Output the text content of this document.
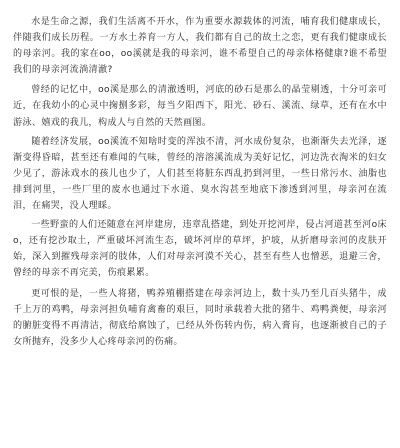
水是生命之源，我们生活离不开水，作为重要水源载体的河流，哺育我们健康成长，伴随我们成长历程。一方水土养育一方人，我们都有自己的故土之恋，更有我们健康成长的母亲河。我的家在oo，oo溪就是我的母亲河，谁不希望自己的母亲体格健康?谁不希望我们的母亲河流淌清澈?

曾经的记忆中，oo溪是那么的清澈透明，河底的砂石是那么的晶莹剔透，十分可亲可近，在我幼小的心灵中掬捌多彩，每当夕阳西下，阳光、砂石、溪流、绿草，还有在水中游泳、嬉戏的我儿，构成人与自然的天然画图。

随着经济发展，oo溪流不知啥时变的浑浊不清，河水成份复杂，也渐渐失去光泽，逐渐变得昏暗，甚至还有难闻的气味，曾经的溶溶溪流成为美好记忆，河边洗衣淘米的妇女少见了，游泳戏水的孩儿也少了，人们甚至将脏东西乱扔到河里，一些日常污水、油脂也排到河里，一些厂里的废水也通过下水道、臭水沟甚至地底下渗透到河里，母亲河在流泪，在痛哭，没人理睬。

一些野蛮的人们还随意在河岸建房，违章乱搭建，到处开挖河岸，侵占河道甚至河o床o，还有挖沙取土，严重破坏河流生态，破坏河岸的草坪，护坡，从折磨母亲河的皮肤开始，深入到摧残母亲河的肢体，人们对母亲河漠不关心，甚至有些人也憎恶，退避三舍，曾经的母亲不再完美，伤痕累累。

更可恨的是，一些人将猪，鸭养殖棚搭建在母亲河边上，数十头乃至几百头猪牛，成千上万的鸡鸭，母亲河担负哺育禽畜的艰巨，同时承载着大批的猪牛、鸡鸭粪便，母亲河的腑脏变得不再清洁，彻底给腐蚀了，已经从外伤转内伤，病入膏肓，也逐渐被自己的子女所抛弃，没多少人心疼母亲河的伤痛。
